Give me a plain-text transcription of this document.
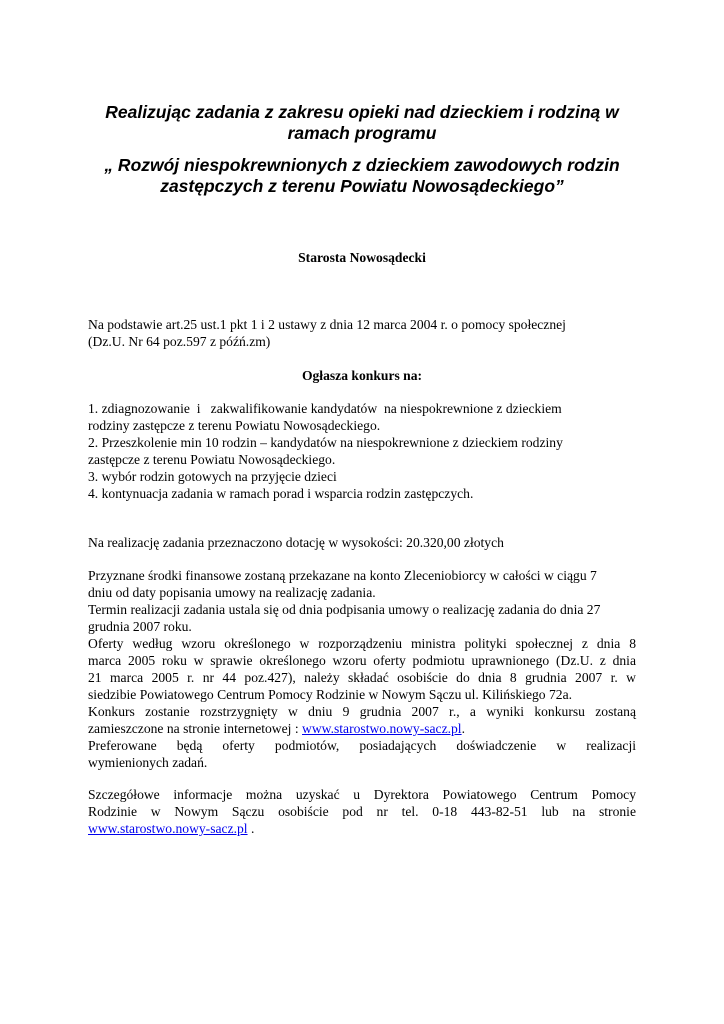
Realizując zadania z zakresu opieki nad dzieckiem i rodziną w
ramach programu
„ Rozwój niespokrewnionych z dzieckiem zawodowych rodzin
zastępczych z terenu Powiatu Nowosądeckiego”
Starosta Nowosądecki
Na podstawie art.25 ust.1 pkt 1 i 2 ustawy z dnia 12 marca 2004 r. o pomocy społecznej
(Dz.U. Nr 64 poz.597 z późń.zm)
Ogłasza konkurs na:
1. zdiagnozowanie  i   zakwalifikowanie kandydatów  na niespokrewnione z dzieckiem
rodziny zastępcze z terenu Powiatu Nowosądeckiego.
2. Przeszkolenie min 10 rodzin – kandydatów na niespokrewnione z dzieckiem rodziny
zastępcze z terenu Powiatu Nowosądeckiego.
3. wybór rodzin gotowych na przyjęcie dzieci
4. kontynuacja zadania w ramach porad i wsparcia rodzin zastępczych.
Na realizację zadania przeznaczono dotację w wysokości: 20.320,00 złotych
Przyznane środki finansowe zostaną przekazane na konto Zleceniobiorcy w całości w ciągu 7
dniu od daty popisania umowy na realizację zadania.
Termin realizacji zadania ustala się od dnia podpisania umowy o realizację zadania do dnia 27
grudnia 2007 roku.
Oferty według wzoru określonego w rozporządzeniu ministra polityki społecznej z dnia 8
marca 2005 roku w sprawie określonego wzoru oferty podmiotu uprawnionego (Dz.U. z dnia
21 marca 2005 r. nr 44 poz.427), należy składać osobiście do dnia 8 grudnia 2007 r. w
siedzibie Powiatowego Centrum Pomocy Rodzinie w Nowym Sączu ul. Kilińskiego 72a.
Konkurs zostanie rozstrzygnięty w dniu 9 grudnia 2007 r., a wyniki konkursu zostaną
zamieszczone na stronie internetowej : www.starostwo.nowy-sacz.pl.
Preferowane będą oferty podmiotów, posiadających doświadczenie w realizacji
wymienionych zadań.
Szczegółowe informacje można uzyskać u Dyrektora Powiatowego Centrum Pomocy
Rodzinie w Nowym Sączu osobiście pod nr tel. 0-18 443-82-51 lub na stronie
www.starostwo.nowy-sacz.pl .
